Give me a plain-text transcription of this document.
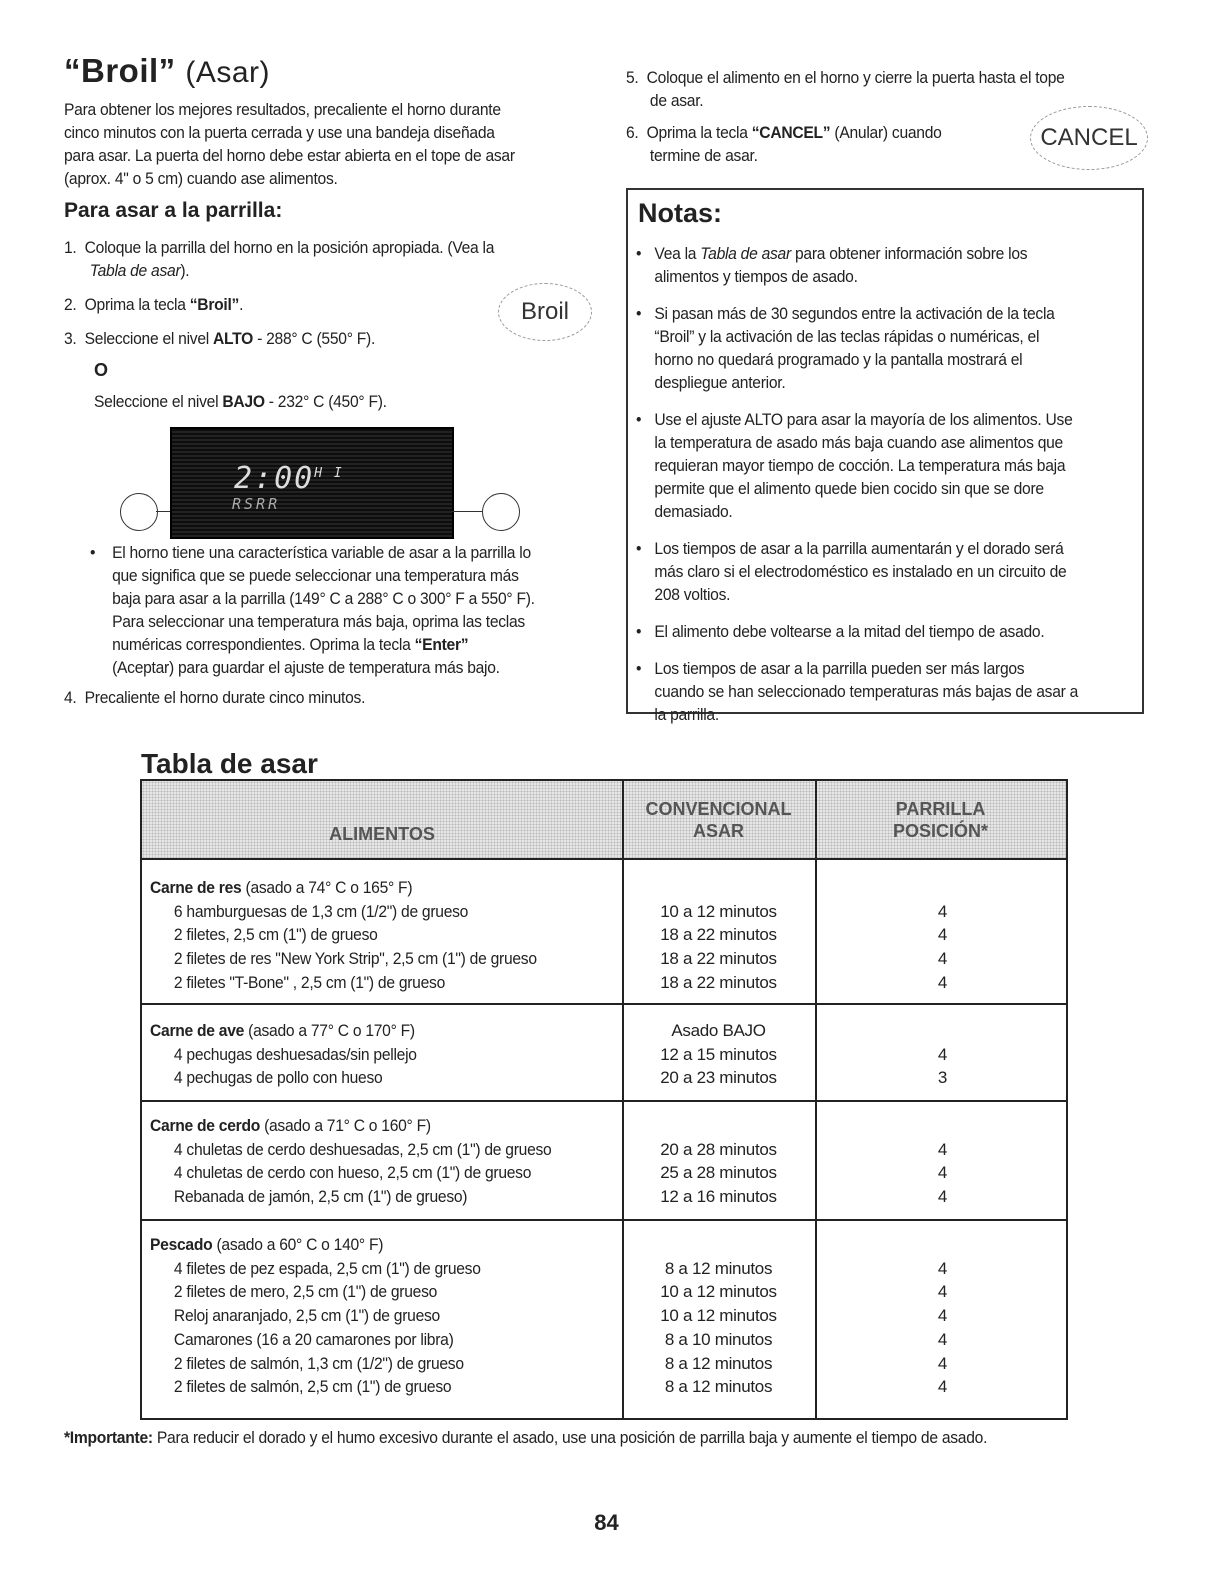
“Broil” (Asar)
Para obtener los mejores resultados, precaliente el horno durante
cinco minutos con la puerta cerrada y use una bandeja diseñada
para asar. La puerta del horno debe estar abierta en el tope de asar
(aprox. 4" o 5 cm) cuando ase alimentos.
Para asar a la parrilla:
1. Coloque la parrilla del horno en la posición apropiada. (Vea la
Tabla de asar).
2. Oprima la tecla “Broil”.	Broil
3. Seleccione el nivel ALTO - 288° C (550° F).
O
Seleccione el nivel BAJO - 232° C (450° F).
$2:00^{H I}$
RSRR
• El horno tiene una característica variable de asar a la parrilla lo
que significa que se puede seleccionar una temperatura más
baja para asar a la parrilla (149° C a 288° C o 300° F a 550° F).
Para seleccionar una temperatura más baja, oprima las teclas
numéricas correspondientes. Oprima la tecla “Enter”
(Aceptar) para guardar el ajuste de temperatura más bajo.
4. Precaliente el horno durate cinco minutos.
5. Coloque el alimento en el horno y cierre la puerta hasta el tope
de asar.
6. Oprima la tecla “CANCEL” (Anular) cuando
termine de asar.
CANCEL
Notas:
• Vea la Tabla de asar para obtener información sobre los
alimentos y tiempos de asado.
• Si pasan más de 30 segundos entre la activación de la tecla
“Broil” y la activación de las teclas rápidas o numéricas, el
horno no quedará programado y la pantalla mostrará el
despliegue anterior.
• Use el ajuste ALTO para asar la mayoría de los alimentos. Use
la temperatura de asado más baja cuando ase alimentos que
requieran mayor tiempo de cocción. La temperatura más baja
permite que el alimento quede bien cocido sin que se dore
demasiado.
• Los tiempos de asar a la parrilla aumentarán y el dorado será
más claro si el electrodoméstico es instalado en un circuito de
208 voltios.
• El alimento debe voltearse a la mitad del tiempo de asado.
• Los tiempos de asar a la parrilla pueden ser más largos
cuando se han seleccionado temperaturas más bajas de asar a
la parrilla.
Tabla de asar
ALIMENTOS
CONVENCIONAL
ASAR
PARRILLA
POSICIÓN*
Carne de res (asado a 74° C o 165° F)
6 hamburguesas de 1,3 cm (1/2") de grueso
2 filetes, 2,5 cm (1") de grueso
2 filetes de res "New York Strip", 2,5 cm (1") de grueso
2 filetes "T-Bone" , 2,5 cm (1") de grueso
10 a 12 minutos
18 a 22 minutos
18 a 22 minutos
18 a 22 minutos
4
4
4
4
Carne de ave (asado a 77° C o 170° F)
4 pechugas deshuesadas/sin pellejo
4 pechugas de pollo con hueso
Asado BAJO
12 a 15 minutos
20 a 23 minutos
4
3
Carne de cerdo (asado a 71° C o 160° F)
4 chuletas de cerdo deshuesadas, 2,5 cm (1") de grueso
4 chuletas de cerdo con hueso, 2,5 cm (1") de grueso
Rebanada de jamón, 2,5 cm (1") de grueso)
20 a 28 minutos
25 a 28 minutos
12 a 16 minutos
4
4
4
Pescado (asado a 60° C o 140° F)
4 filetes de pez espada, 2,5 cm (1") de grueso
2 filetes de mero, 2,5 cm (1") de grueso
Reloj anaranjado, 2,5 cm (1") de grueso
Camarones (16 a 20 camarones por libra)
2 filetes de salmón, 1,3 cm (1/2") de grueso
2 filetes de salmón, 2,5 cm (1") de grueso
8 a 12 minutos
10 a 12 minutos
10 a 12 minutos
8 a 10 minutos
8 a 12 minutos
8 a 12 minutos
4
4
4
4
4
4
*Importante: Para reducir el dorado y el humo excesivo durante el asado, use una posición de parrilla baja y aumente el tiempo de asado.
84
